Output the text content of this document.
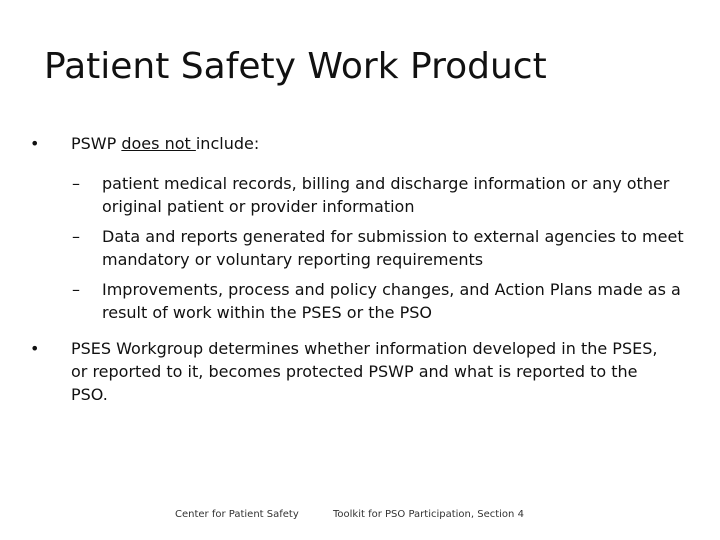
Patient Safety Work Product
•	PSWP does not include:
–	patient medical records, billing and discharge information or any other original patient or provider information
–	Data and reports generated for submission to external agencies to meet mandatory or voluntary reporting requirements
–	Improvements, process and policy changes, and Action Plans made as a result of work within the PSES or the PSO
•	PSES Workgroup determines whether information developed in the PSES, or reported to it, becomes protected PSWP and what is reported to the PSO.
Center for Patient Safety	Toolkit for PSO Participation, Section 4
